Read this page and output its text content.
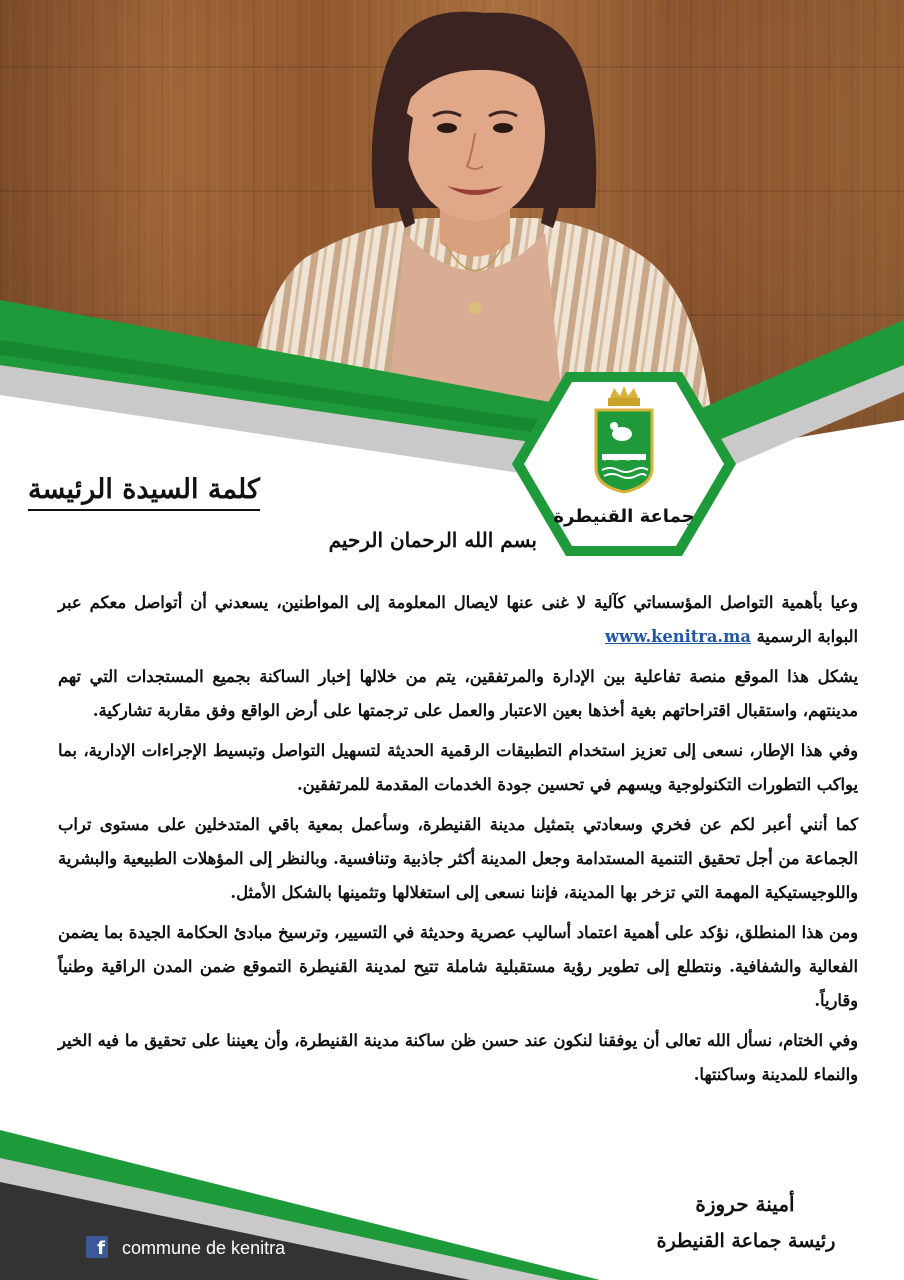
جماعة القنيطرة
كلمة السيدة الرئيسة
بسم الله الرحمان الرحيم

وعيا بأهمية التواصل المؤسساتي كآلية لا غنى عنها لايصال المعلومة إلى المواطنين، يسعدني أن أتواصل معكم عبر البوابة الرسمية www.kenitra.ma

يشكل هذا الموقع منصة تفاعلية بين الإدارة والمرتفقين، يتم من خلالها إخبار الساكنة بجميع المستجدات التي تهم مدينتهم، واستقبال اقتراحاتهم بغية أخذها بعين الاعتبار والعمل على ترجمتها على أرض الواقع وفق مقاربة تشاركية.

وفي هذا الإطار، نسعى إلى تعزيز استخدام التطبيقات الرقمية الحديثة لتسهيل التواصل وتبسيط الإجراءات الإدارية، بما يواكب التطورات التكنولوجية ويسهم في تحسين جودة الخدمات المقدمة للمرتفقين.

كما أنني أعبر لكم عن فخري وسعادتي بتمثيل مدينة القنيطرة، وسأعمل بمعية باقي المتدخلين على مستوى تراب الجماعة من أجل تحقيق التنمية المستدامة وجعل المدينة أكثر جاذبية وتنافسية. وبالنظر إلى المؤهلات الطبيعية والبشرية واللوجيستيكية المهمة التي تزخر بها المدينة، فإننا نسعى إلى استغلالها وتثمينها بالشكل الأمثل.

ومن هذا المنطلق، نؤكد على أهمية اعتماد أساليب عصرية وحديثة في التسيير، وترسيخ مبادئ الحكامة الجيدة بما يضمن الفعالية والشفافية. ونتطلع إلى تطوير رؤية مستقبلية شاملة تتيح لمدينة القنيطرة التموقع ضمن المدن الراقية وطنياً وقارياً.

وفي الختام، نسأل الله تعالى أن يوفقنا لنكون عند حسن ظن ساكنة مدينة القنيطرة، وأن يعيننا على تحقيق ما فيه الخير والنماء للمدينة وساكنتها.

أمينة حروزة
رئيسة جماعة القنيطرة
f commune de kenitra
